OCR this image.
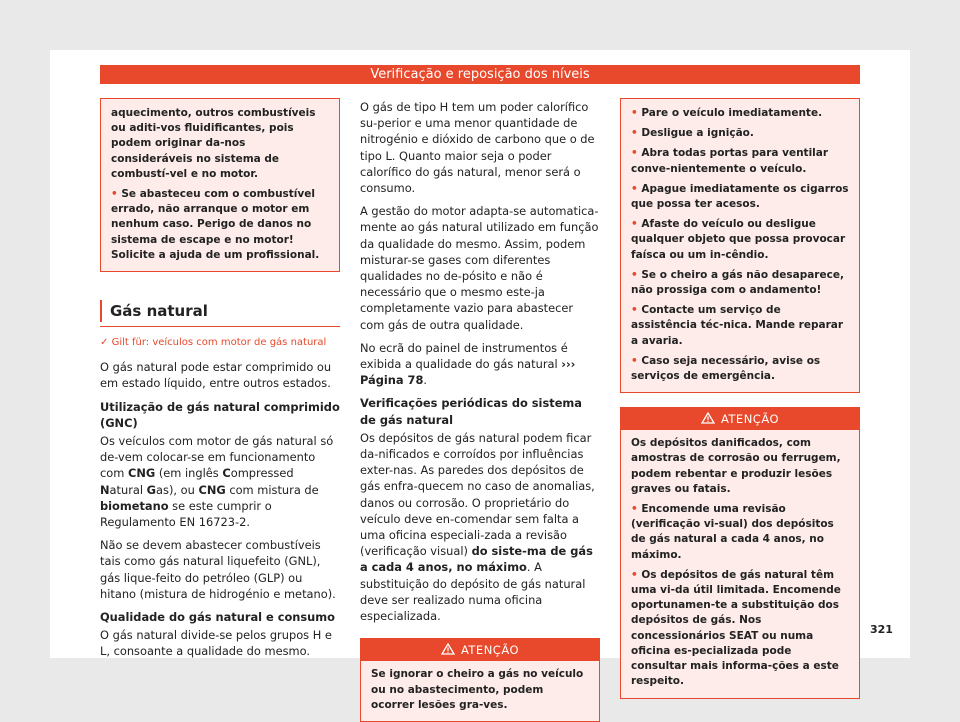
Verificação e reposição dos níveis

aquecimento, outros combustíveis ou aditi-vos fluidificantes, pois podem originar da-nos consideráveis no sistema de combustí-vel e no motor.

• Se abasteceu com o combustível errado, não arranque o motor em nenhum caso. Perigo de danos no sistema de escape e no motor! Solicite a ajuda de um profissional.

Gás natural
✓ Gilt für: veículos com motor de gás natural

O gás natural pode estar comprimido ou em estado líquido, entre outros estados.

Utilização de gás natural comprimido (GNC)

Os veículos com motor de gás natural só de-vem colocar-se em funcionamento com CNG (em inglês Compressed Natural Gas), ou CNG com mistura de biometano se este cumprir o Regulamento EN 16723-2.

Não se devem abastecer combustíveis tais como gás natural liquefeito (GNL), gás lique-feito do petróleo (GLP) ou hitano (mistura de hidrogénio e metano).

Qualidade do gás natural e consumo

O gás natural divide-se pelos grupos H e L, consoante a qualidade do mesmo.

O gás de tipo H tem um poder calorífico su-perior e uma menor quantidade de nitrogénio e dióxido de carbono que o de tipo L. Quanto maior seja o poder calorífico do gás natural, menor será o consumo.

A gestão do motor adapta-se automatica-mente ao gás natural utilizado em função da qualidade do mesmo. Assim, podem misturar-se gases com diferentes qualidades no de-pósito e não é necessário que o mesmo este-ja completamente vazio para abastecer com gás de outra qualidade.

No ecrã do painel de instrumentos é exibida a qualidade do gás natural ››› Página 78.

Verificações periódicas do sistema de gás natural

Os depósitos de gás natural podem ficar da-nificados e corroídos por influências exter-nas. As paredes dos depósitos de gás enfra-quecem no caso de anomalias, danos ou corrosão. O proprietário do veículo deve en-comendar sem falta a uma oficina especiali-zada a revisão (verificação visual) do siste-ma de gás a cada 4 anos, no máximo. A substituição do depósito de gás natural deve ser realizado numa oficina especializada.

ATENÇÃO

Se ignorar o cheiro a gás no veículo ou no abastecimento, podem ocorrer lesões gra-ves.

• Pare o veículo imediatamente.

• Desligue a ignição.

• Abra todas portas para ventilar conve-nientemente o veículo.

• Apague imediatamente os cigarros que possa ter acesos.

• Afaste do veículo ou desligue qualquer objeto que possa provocar faísca ou um in-cêndio.

• Se o cheiro a gás não desaparece, não prossiga com o andamento!

• Contacte um serviço de assistência téc-nica. Mande reparar a avaria.

• Caso seja necessário, avise os serviços de emergência.

ATENÇÃO

Os depósitos danificados, com amostras de corrosão ou ferrugem, podem rebentar e produzir lesões graves ou fatais.

• Encomende uma revisão (verificação vi-sual) dos depósitos de gás natural a cada 4 anos, no máximo.

• Os depósitos de gás natural têm uma vi-da útil limitada. Encomende oportunamen-te a substituição dos depósitos de gás. Nos concessionários SEAT ou numa oficina es-pecializada pode consultar mais informa-ções a este respeito.

321
